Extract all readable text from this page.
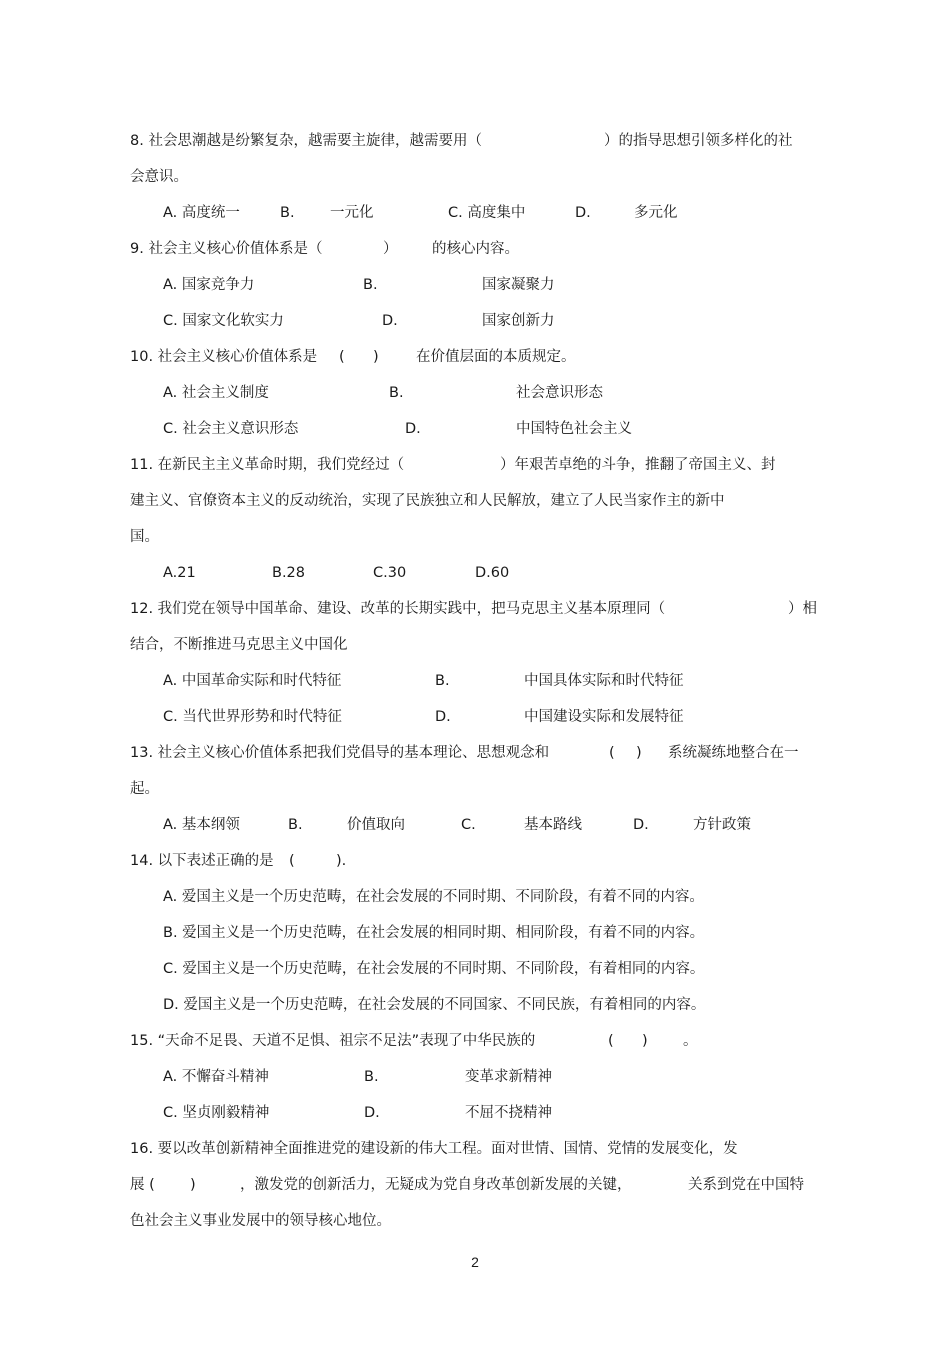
8. 社会思潮越是纷繁复杂，越需要主旋律，越需要用（	）的指导思想引领多样化的社
会意识。
A. 高度统一	B. 一元化	C. 高度集中	D.	多元化
9. 社会主义核心价值体系是（	） 的核心内容。
A. 国家竞争力	B.	国家凝聚力
C. 国家文化软实力	D.	国家创新力
10. 社会主义核心价值体系是 ( )	在价值层面的本质规定。
A. 社会主义制度	B.	社会意识形态
C. 社会主义意识形态	D.	中国特色社会主义
11. 在新民主主义革命时期，我们党经过（	）年艰苦卓绝的斗争，推翻了帝国主义、封
建主义、官僚资本主义的反动统治，实现了民族独立和人民解放，建立了人民当家作主的新中
国。
A.21	B.28	C.30	D.60
12. 我们党在领导中国革命、建设、改革的长期实践中，把马克思主义基本原理同（	）相
结合，不断推进马克思主义中国化
A. 中国革命实际和时代特征	B.	中国具体实际和时代特征
C. 当代世界形势和时代特征	D.	中国建设实际和发展特征
13. 社会主义核心价值体系把我们党倡导的基本理论、思想观念和	( ) 系统凝练地整合在一
起。
A. 基本纲领	B.	价值取向	C.	基本路线	D.	方针政策
14. 以下表述正确的是 (	).
A. 爱国主义是一个历史范畴，在社会发展的不同时期、不同阶段，有着不同的内容。
B. 爱国主义是一个历史范畴，在社会发展的相同时期、相同阶段，有着不同的内容。
C. 爱国主义是一个历史范畴，在社会发展的不同时期、不同阶段，有着相同的内容。
D. 爱国主义是一个历史范畴，在社会发展的不同国家、不同民族，有着相同的内容。
15. “天命不足畏、天道不足惧、祖宗不足法”表现了中华民族的	( ) 。
A. 不懈奋斗精神	B.	变革求新精神
C. 坚贞刚毅精神	D.	不屈不挠精神
16. 要以改革创新精神全面推进党的建设新的伟大工程。面对世情、国情、党情的发展变化，发
展 ( )	，激发党的创新活力，无疑成为党自身改革创新发展的关键，	关系到党在中国特
色社会主义事业发展中的领导核心地位。
2
